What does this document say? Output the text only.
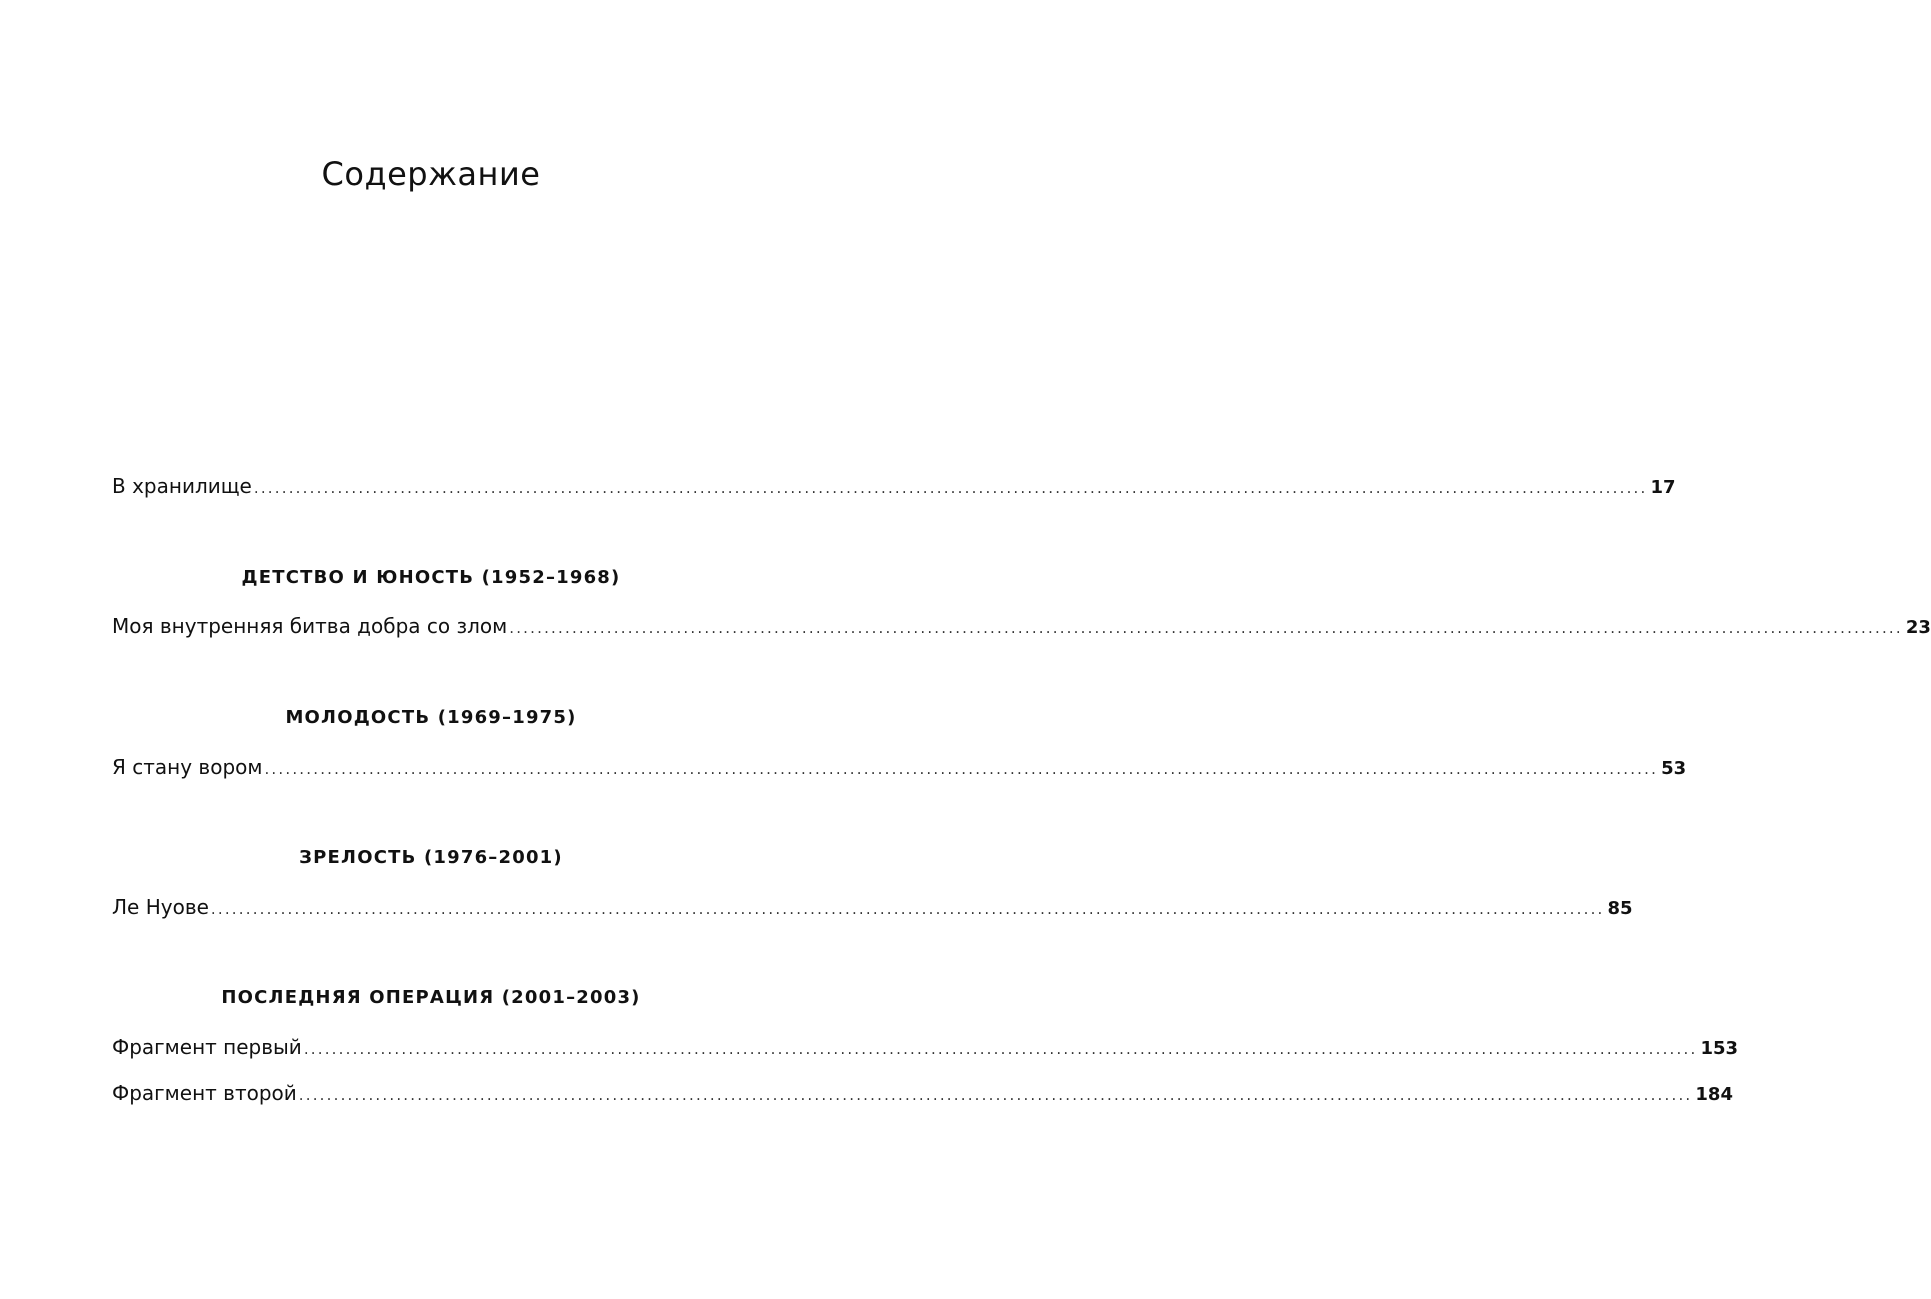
Содержание
В хранилище ........................................................................................................................................................................................................ 17
ДЕТСТВО И ЮНОСТЬ (1952–1968)
Моя внутренняя битва добра со злом ........................................................................................................................................................................................................ 23
МОЛОДОСТЬ (1969–1975)
Я стану вором ........................................................................................................................................................................................................ 53
ЗРЕЛОСТЬ (1976–2001)
Ле Нуове ........................................................................................................................................................................................................ 85
ПОСЛЕДНЯЯ ОПЕРАЦИЯ (2001–2003)
Фрагмент первый ........................................................................................................................................................................................................ 153
Фрагмент второй ........................................................................................................................................................................................................ 184
